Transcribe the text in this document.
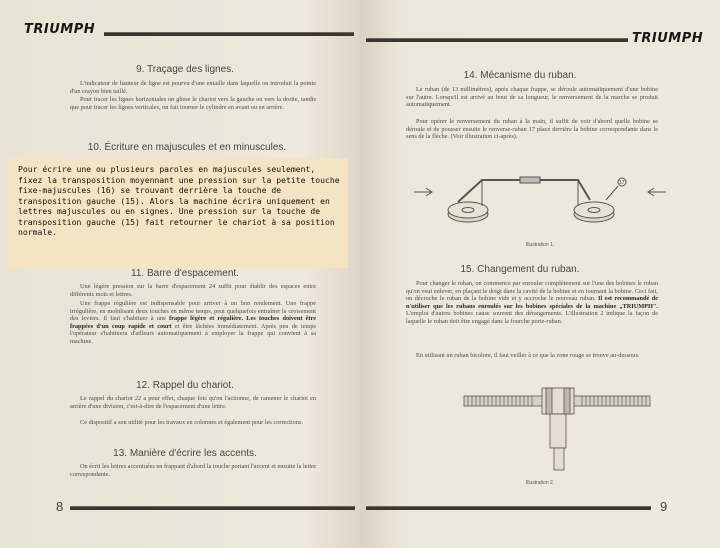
TRIUMPH
9. Traçage des lignes.

L'indicateur de hauteur de ligne est pourvu d'une entaille dans laquelle on introduit la pointe d'un crayon bien taillé.

Pour tracer les lignes horizontales on glisse le chariot vers la gauche ou vers la droite, tandis que pour tracer les lignes verticales, on fait tourner le cylindre en avant ou en arrière.

10. Écriture en majuscules et en minuscules.

Pour écrire une ou plusieurs paroles en majuscules seulement, fixez la transposition moyennant une pression sur la petite touche fixe-majuscules (16) se trouvant derrière la touche de transposition gauche (15). Alors la machine écrira uniquement en lettres majuscules ou en signes. Une pression sur la touche de transposition gauche (15) fait retourner le chariot à sa position normale.

11. Barre d'espacement.

Une légère pression sur la barre d'espacement 24 suffit pour établir des espaces entre différents mots et lettres.

Une frappe régulière est indispensable pour arriver à un bon rendement. Une frappe irrégulière, en mobilisant deux touches en même temps, peut quelquefois entraîner le croisement des leviers. Il faut s'habituer à une frappe légère et régulière. Les touches doivent être frappées d'un coup rapide et court et être lâchées immédiatement. Après peu de temps l'opérateur s'habituera d'ailleurs automatiquement à employer la frappe qui convient à sa machine.

12. Rappel du chariot.

Le rappel du chariot 22 a pour effet, chaque fois qu'on l'actionne, de ramener le chariot en arrière d'une division, c'est-à-dire de l'espacement d'une lettre.

Ce dispositif a son utilité pour les travaux en colonnes et également pour les corrections.

13. Manière d'écrire les accents.

On écrit les lettres accentuées en frappant d'abord la touche portant l'accent et ensuite la lettre correspondante.

8
TRIUMPH
14. Mécanisme du ruban.

Le ruban (de 13 millimètres), après chaque frappe, se déroule automatiquement d'une bobine sur l'autre. Lorsqu'il est arrivé au bout de sa longueur, le renversement de la marche se produit automatiquement.

Pour opérer le renversement du ruban à la main, il suffit de voir d'abord quelle bobine se déroule et de pousser ensuite le renverse-ruban 17 placé derrière la bobine correspondante dans le sens de la flèche. (Voir illustration ci-après).

17
Illustration 1.
15. Changement du ruban.

Pour changer le ruban, on commence par enrouler complètement sur l'une des bobines le ruban qu'on veut enlever, en plaçant le doigt dans la cavité de la bobine et en tournant la bobine. Ceci fait, on décroche le ruban de la bobine vide et y accroche le nouveau ruban. Il est recommandé de n'utiliser que les rubans enroulés sur les bobines spéciales de la machine „TRIUMPH". L'emploi d'autres bobines cause souvent des dérangements. L'illustration 2 indique la façon de laquelle le ruban doit être engagé dans la fourche porte-ruban.

En utilisant un ruban bicolore, il faut veiller à ce que la zone rouge se trouve au-dessous.

Illustration 2.
9
